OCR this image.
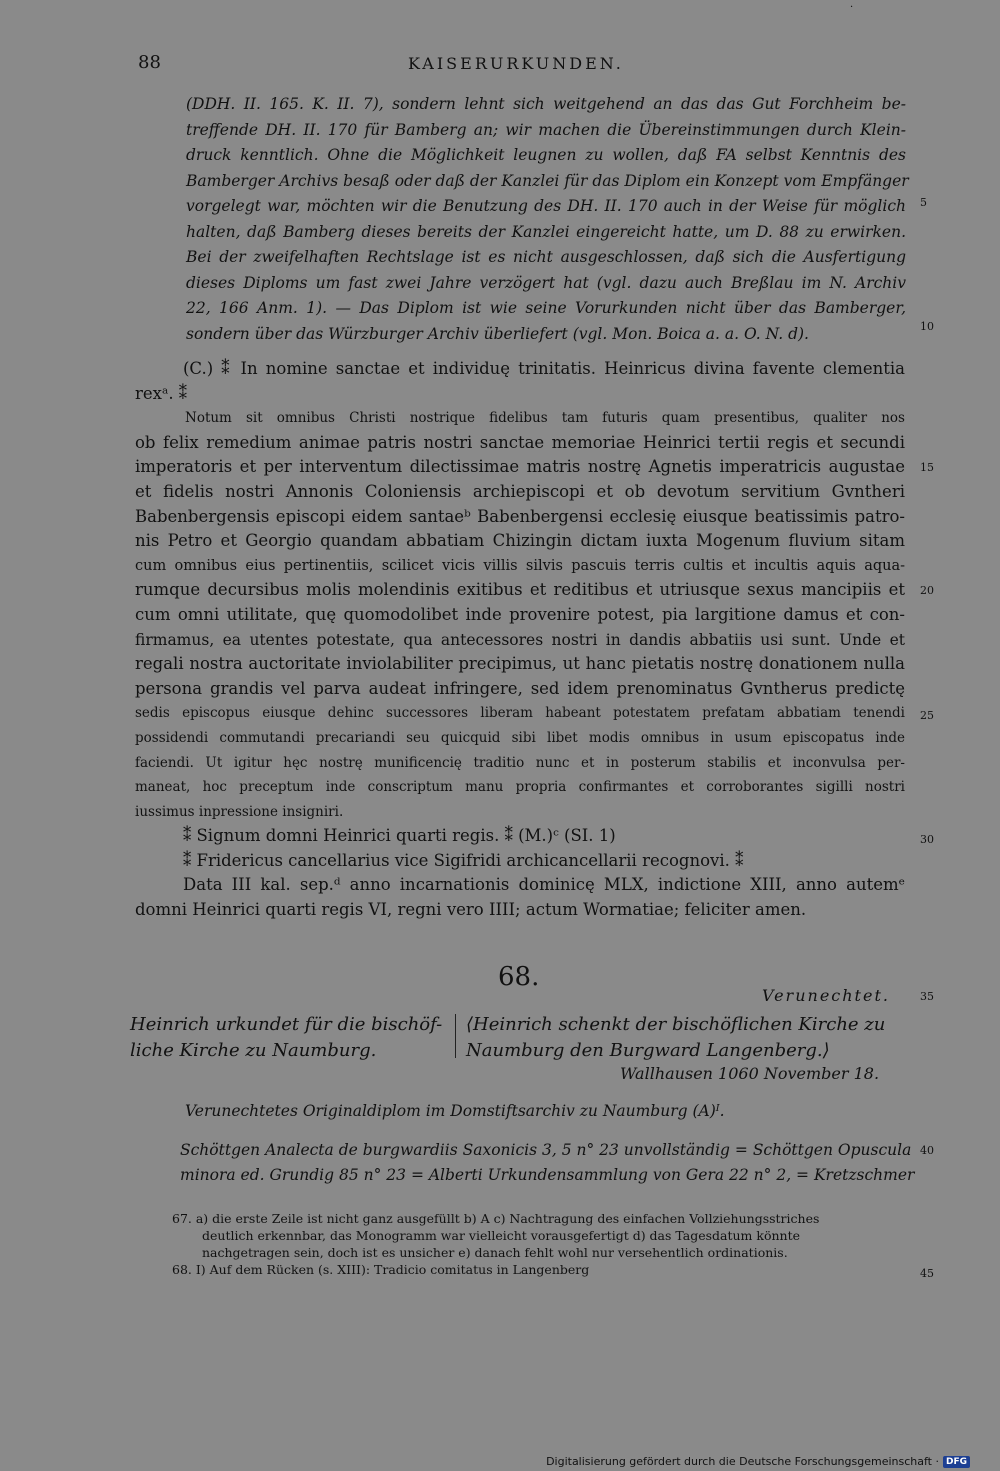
·
88	KAISERURKUNDEN.
(DDH. II. 165. K. II. 7), sondern lehnt sich weitgehend an das das Gut Forchheim be-
treffende DH. II. 170 für Bamberg an; wir machen die Übereinstimmungen durch Klein-
druck kenntlich. Ohne die Möglichkeit leugnen zu wollen, daß FA selbst Kenntnis des
Bamberger Archivs besaß oder daß der Kanzlei für das Diplom ein Konzept vom Empfänger
vorgelegt war, möchten wir die Benutzung des DH. II. 170 auch in der Weise für möglich
halten, daß Bamberg dieses bereits der Kanzlei eingereicht hatte, um D. 88 zu erwirken.
Bei der zweifelhaften Rechtslage ist es nicht ausgeschlossen, daß sich die Ausfertigung
dieses Diploms um fast zwei Jahre verzögert hat (vgl. dazu auch Breßlau im N. Archiv
22, 166 Anm. 1). — Das Diplom ist wie seine Vorurkunden nicht über das Bamberger,
sondern über das Würzburger Archiv überliefert (vgl. Mon. Boica a. a. O. N. d).
5
10
15
20
25
30
35
40
45
(C.) ⁑ In nomine sanctae et individuę trinitatis. Heinricus divina favente clementia
rexᵃ. ⁑
Notum sit omnibus Christi nostrique fidelibus tam futuris quam presentibus, qualiter nos
ob felix remedium animae patris nostri sanctae memoriae Heinrici tertii regis et secundi
imperatoris et per interventum dilectissimae matris nostrę Agnetis imperatricis augustae
et fidelis nostri Annonis Coloniensis archiepiscopi et ob devotum servitium Gvntheri
Babenbergensis episcopi eidem santaeᵇ Babenbergensi ecclesię eiusque beatissimis patro-
nis Petro et Georgio quandam abbatiam Chizingin dictam iuxta Mogenum fluvium sitam
cum omnibus eius pertinentiis, scilicet vicis villis silvis pascuis terris cultis et incultis aquis aqua-
rumque decursibus molis molendinis exitibus et reditibus et utriusque sexus mancipiis et
cum omni utilitate, quę quomodolibet inde provenire potest, pia largitione damus et con-
firmamus, ea utentes potestate, qua antecessores nostri in dandis abbatiis usi sunt. Unde et
regali nostra auctoritate inviolabiliter precipimus, ut hanc pietatis nostrę donationem nulla
persona grandis vel parva audeat infringere, sed idem prenominatus Gvntherus predictę
sedis episcopus eiusque dehinc successores liberam habeant potestatem prefatam abbatiam tenendi
possidendi commutandi precariandi seu quicquid sibi libet modis omnibus in usum episcopatus inde
faciendi. Ut igitur hęc nostrę munificencię traditio nunc et in posterum stabilis et inconvulsa per-
maneat, hoc preceptum inde conscriptum manu propria confirmantes et corroborantes sigilli nostri
iussimus inpressione insigniri.
⁑ Signum domni Heinrici quarti regis. ⁑ (M.)ᶜ (SI. 1)
⁑ Fridericus cancellarius vice Sigifridi archicancellarii recognovi. ⁑
Data III kal. sep.ᵈ anno incarnationis dominicę MLX, indictione XIII, anno autemᵉ
domni Heinrici quarti regis VI, regni vero IIII; actum Wormatiae; feliciter amen.
68.
Verunechtet.
Heinrich urkundet für die bischöf-
liche Kirche zu Naumburg.
⟨Heinrich schenkt der bischöflichen Kirche zu
Naumburg den Burgward Langenberg.⟩
Wallhausen 1060 November 18.
Verunechtetes Originaldiplom im Domstiftsarchiv zu Naumburg (A)ᴵ.
Schöttgen Analecta de burgwardiis Saxonicis 3, 5 n° 23 unvollständig = Schöttgen Opuscula
minora ed. Grundig 85 n° 23 = Alberti Urkundensammlung von Gera 22 n° 2, = Kretzschmer
67. a) die erste Zeile ist nicht ganz ausgefüllt b) A c) Nachtragung des einfachen Vollziehungsstriches
deutlich erkennbar, das Monogramm war vielleicht vorausgefertigt d) das Tagesdatum könnte
nachgetragen sein, doch ist es unsicher e) danach fehlt wohl nur versehentlich ordinationis.
68. I) Auf dem Rücken (s. XIII): Tradicio comitatus in Langenberg
Digitalisierung gefördert durch die Deutsche Forschungsgemeinschaft · DFG
